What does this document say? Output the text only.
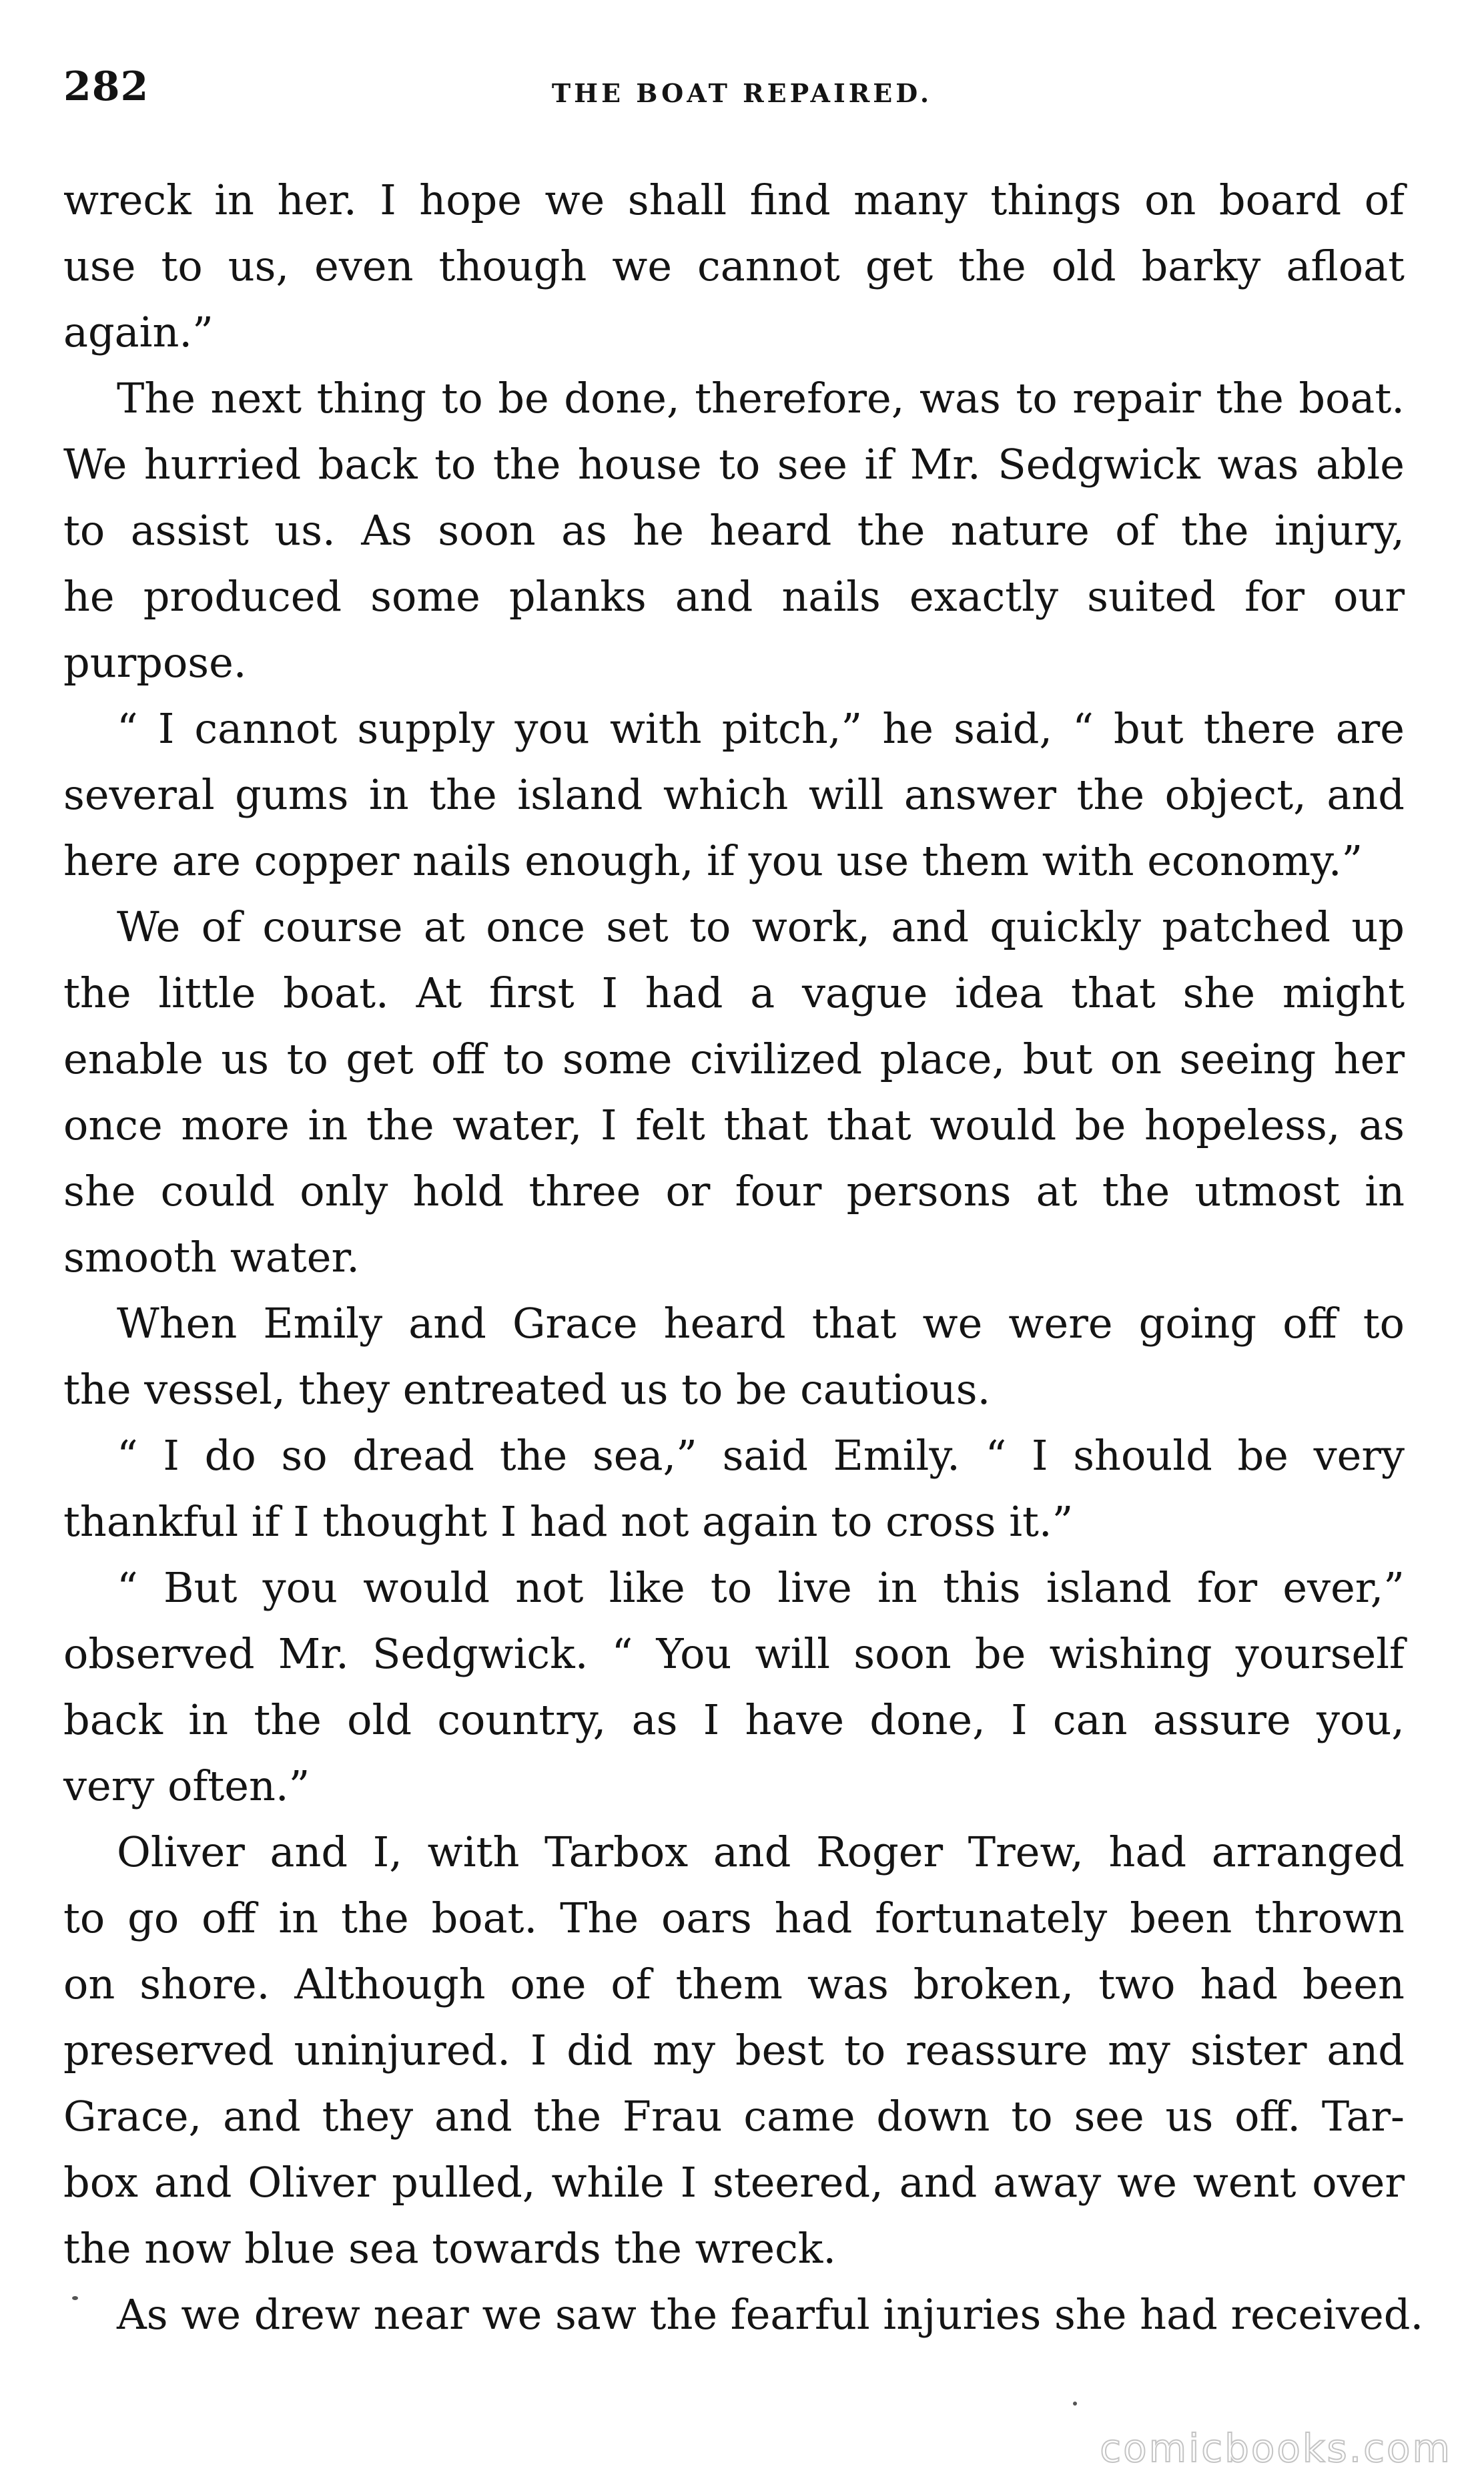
282	THE BOAT REPAIRED.
wreck in her. I hope we shall find many things on board of
use to us, even though we cannot get the old barky afloat
again.”
The next thing to be done, therefore, was to repair the boat.
We hurried back to the house to see if Mr. Sedgwick was able
to assist us. As soon as he heard the nature of the injury,
he produced some planks and nails exactly suited for our
purpose.
“ I cannot supply you with pitch,” he said, “ but there are
several gums in the island which will answer the object, and
here are copper nails enough, if you use them with economy.”
We of course at once set to work, and quickly patched up
the little boat. At first I had a vague idea that she might
enable us to get off to some civilized place, but on seeing her
once more in the water, I felt that that would be hopeless, as
she could only hold three or four persons at the utmost in
smooth water.
When Emily and Grace heard that we were going off to
the vessel, they entreated us to be cautious.
“ I do so dread the sea,” said Emily. “ I should be very
thankful if I thought I had not again to cross it.”
“ But you would not like to live in this island for ever,”
observed Mr. Sedgwick. “ You will soon be wishing yourself
back in the old country, as I have done, I can assure you,
very often.”
Oliver and I, with Tarbox and Roger Trew, had arranged
to go off in the boat. The oars had fortunately been thrown
on shore. Although one of them was broken, two had been
preserved uninjured. I did my best to reassure my sister and
Grace, and they and the Frau came down to see us off. Tar-
box and Oliver pulled, while I steered, and away we went over
the now blue sea towards the wreck.
As we drew near we saw the fearful injuries she had received.
comicbooks.com
